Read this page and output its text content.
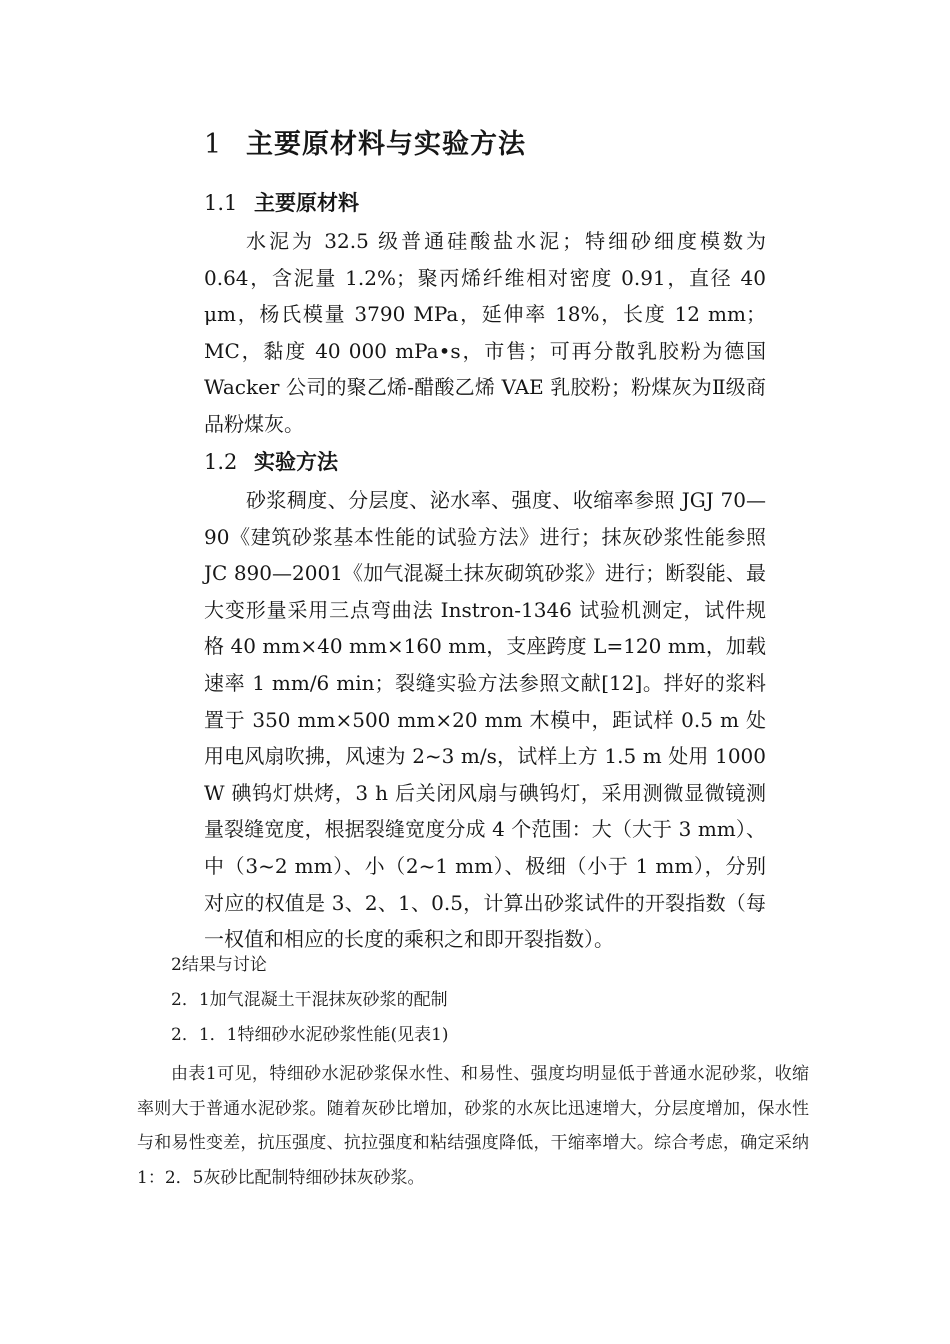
1 主要原材料与实验方法
1.1 主要原材料

水泥为 32.5 级普通硅酸盐水泥；特细砂细度模数为 0.64，含泥量 1.2%；聚丙烯纤维相对密度 0.91，直径 40 μm，杨氏模量 3790 MPa，延伸率 18%，长度 12 mm；MC，黏度 40 000 mPa•s，市售；可再分散乳胶粉为德国 Wacker 公司的聚乙烯-醋酸乙烯 VAE 乳胶粉；粉煤灰为Ⅱ级商品粉煤灰。

1.2 实验方法

砂浆稠度、分层度、泌水率、强度、收缩率参照 JGJ 70—90《建筑砂浆基本性能的试验方法》进行；抹灰砂浆性能参照 JC 890—2001《加气混凝土抹灰砌筑砂浆》进行；断裂能、最大变形量采用三点弯曲法 Instron-1346 试验机测定，试件规格 40 mm×40 mm×160 mm，支座跨度 L=120 mm，加载速率 1 mm/6 min；裂缝实验方法参照文献[12]。拌好的浆料置于 350 mm×500 mm×20 mm 木模中，距试样 0.5 m 处用电风扇吹拂，风速为 2~3 m/s，试样上方 1.5 m 处用 1000 W 碘钨灯烘烤，3 h 后关闭风扇与碘钨灯，采用测微显微镜测量裂缝宽度，根据裂缝宽度分成 4 个范围：大（大于 3 mm）、中（3~2 mm）、小（2~1 mm）、极细（小于 1 mm），分别对应的权值是 3、2、1、0.5，计算出砂浆试件的开裂指数（每一权值和相应的长度的乘积之和即开裂指数）。

2结果与讨论
2．1加气混凝土干混抹灰砂浆的配制
2．1．1特细砂水泥砂浆性能(见表1)

由表1可见，特细砂水泥砂浆保水性、和易性、强度均明显低于普通水泥砂浆，收缩率则大于普通水泥砂浆。随着灰砂比增加，砂浆的水灰比迅速增大，分层度增加，保水性与和易性变差，抗压强度、抗拉强度和粘结强度降低，干缩率增大。综合考虑，确定采纳1：2．5灰砂比配制特细砂抹灰砂浆。
